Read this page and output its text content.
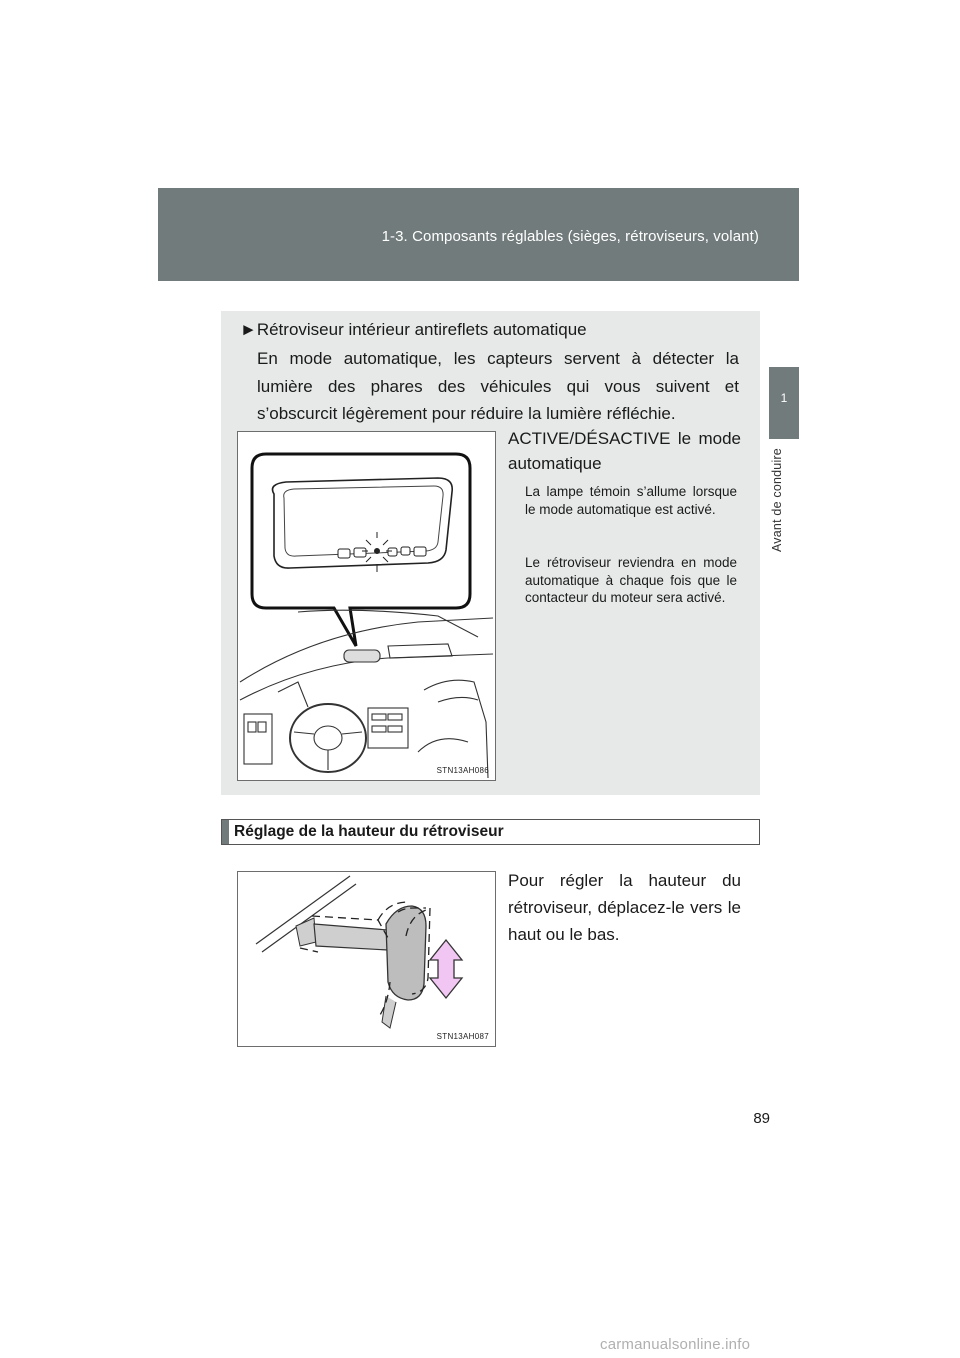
1-3. Composants réglables (sièges, rétroviseurs, volant)
1
Avant de conduire
►Rétroviseur intérieur antireflets automatique
En mode automatique, les capteurs servent à détecter la lumière des phares des véhicules qui vous suivent et s’obscurcit légèrement pour réduire la lumière réfléchie.
STN13AH086
ACTIVE/DÉSACTIVE le mode automatique
La lampe témoin s’allume lorsque le mode automatique est activé.
Le rétroviseur reviendra en mode automatique à chaque fois que le contacteur du moteur sera activé.
Réglage de la hauteur du rétroviseur
STN13AH087
Pour régler la hauteur du rétroviseur, déplacez-le vers le haut ou le bas.
89
carmanualsonline.info
